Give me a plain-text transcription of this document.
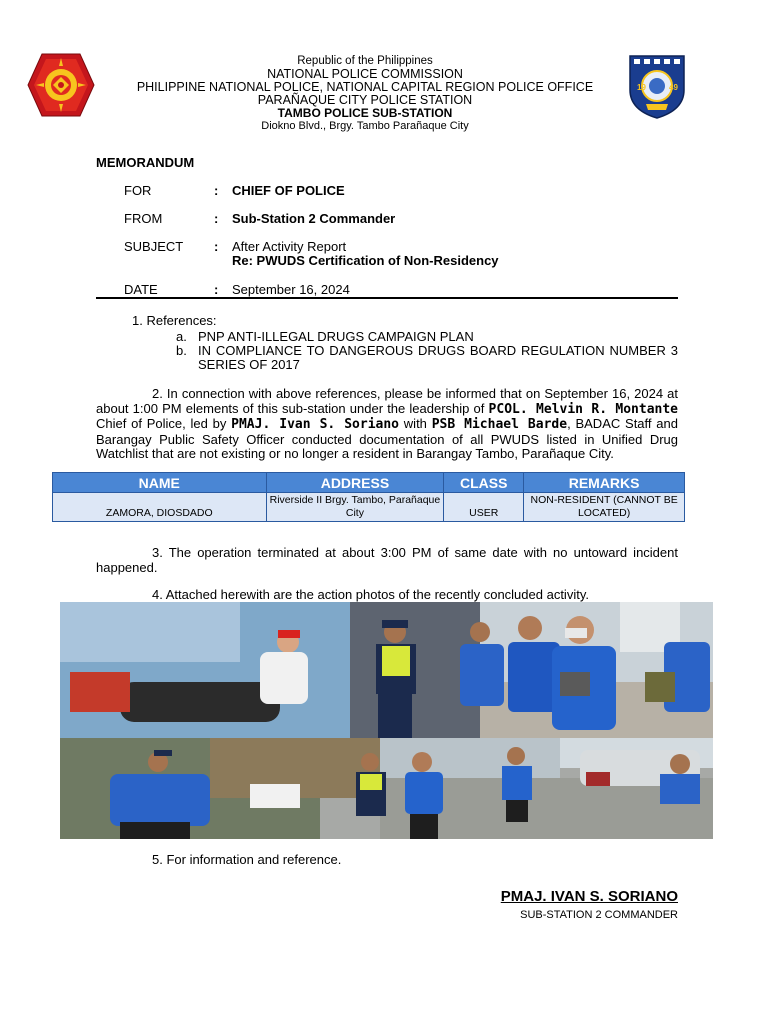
19	49
Republic of the Philippines
NATIONAL POLICE COMMISSION
PHILIPPINE NATIONAL POLICE, NATIONAL CAPITAL REGION POLICE OFFICE
PARAÑAQUE CITY POLICE STATION
TAMBO POLICE SUB-STATION
Diokno Blvd., Brgy. Tambo Parañaque City
MEMORANDUM
FOR	: CHIEF OF POLICE
FROM	: Sub-Station 2 Commander
SUBJECT	: After Activity Report
Re: PWUDS Certification of Non-Residency
DATE	: September 16, 2024
1. References:
a. PNP ANTI-ILLEGAL DRUGS CAMPAIGN PLAN
b. IN COMPLIANCE TO DANGEROUS DRUGS BOARD REGULATION NUMBER 3 SERIES OF 2017
2. In connection with above references, please be informed that on September 16, 2024 at about 1:00 PM elements of this sub-station under the leadership of PCOL. Melvin R. Montante Chief of Police, led by PMAJ. Ivan S. Soriano with PSB Michael Barde, BADAC Staff and Barangay Public Safety Officer conducted documentation of all PWUDS listed in Unified Drug Watchlist that are not existing or no longer a resident in Barangay Tambo, Parañaque City.
NAME	ADDRESS	CLASS	REMARKS
ZAMORA, DIOSDADO	Riverside II Brgy. Tambo, Parañaque City	USER	NON-RESIDENT (CANNOT BE LOCATED)
3. The operation terminated at about 3:00 PM of same date with no untoward incident happened.
4. Attached herewith are the action photos of the recently concluded activity.
5. For information and reference.
PMAJ. IVAN S. SORIANO
SUB-STATION 2 COMMANDER
